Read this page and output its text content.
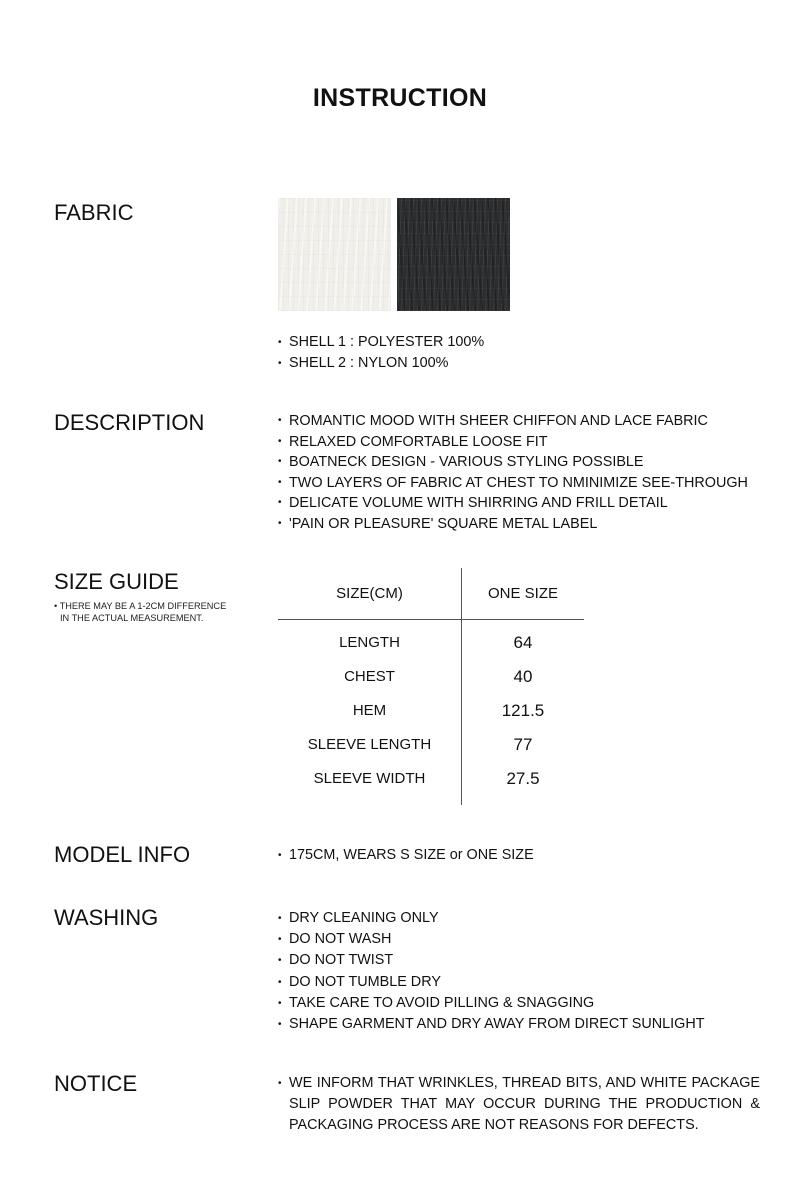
INSTRUCTION
FABRIC
• SHELL 1 : POLYESTER 100%
• SHELL 2 : NYLON 100%
DESCRIPTION	• ROMANTIC MOOD WITH SHEER CHIFFON AND LACE FABRIC
• RELAXED COMFORTABLE LOOSE FIT
• BOATNECK DESIGN - VARIOUS STYLING POSSIBLE
• TWO LAYERS OF FABRIC AT CHEST TO NMINIMIZE SEE-THROUGH
• DELICATE VOLUME WITH SHIRRING AND FRILL DETAIL
• 'PAIN OR PLEASURE' SQUARE METAL LABEL
SIZE GUIDE
• THERE MAY BE A 1-2CM DIFFERENCE
IN THE ACTUAL MEASUREMENT.
SIZE(CM)	ONE SIZE
LENGTH	64
CHEST	40
HEM	121.5
SLEEVE LENGTH	77
SLEEVE WIDTH	27.5
MODEL INFO	• 175CM, WEARS S SIZE or ONE SIZE
WASHING	• DRY CLEANING ONLY
• DO NOT WASH
• DO NOT TWIST
• DO NOT TUMBLE DRY
• TAKE CARE TO AVOID PILLING & SNAGGING
• SHAPE GARMENT AND DRY AWAY FROM DIRECT SUNLIGHT
NOTICE	• WE INFORM THAT WRINKLES, THREAD BITS, AND WHITE PACKAGE SLIP POWDER THAT MAY OCCUR DURING THE PRODUCTION & PACKAGING PROCESS ARE NOT REASONS FOR DEFECTS.
